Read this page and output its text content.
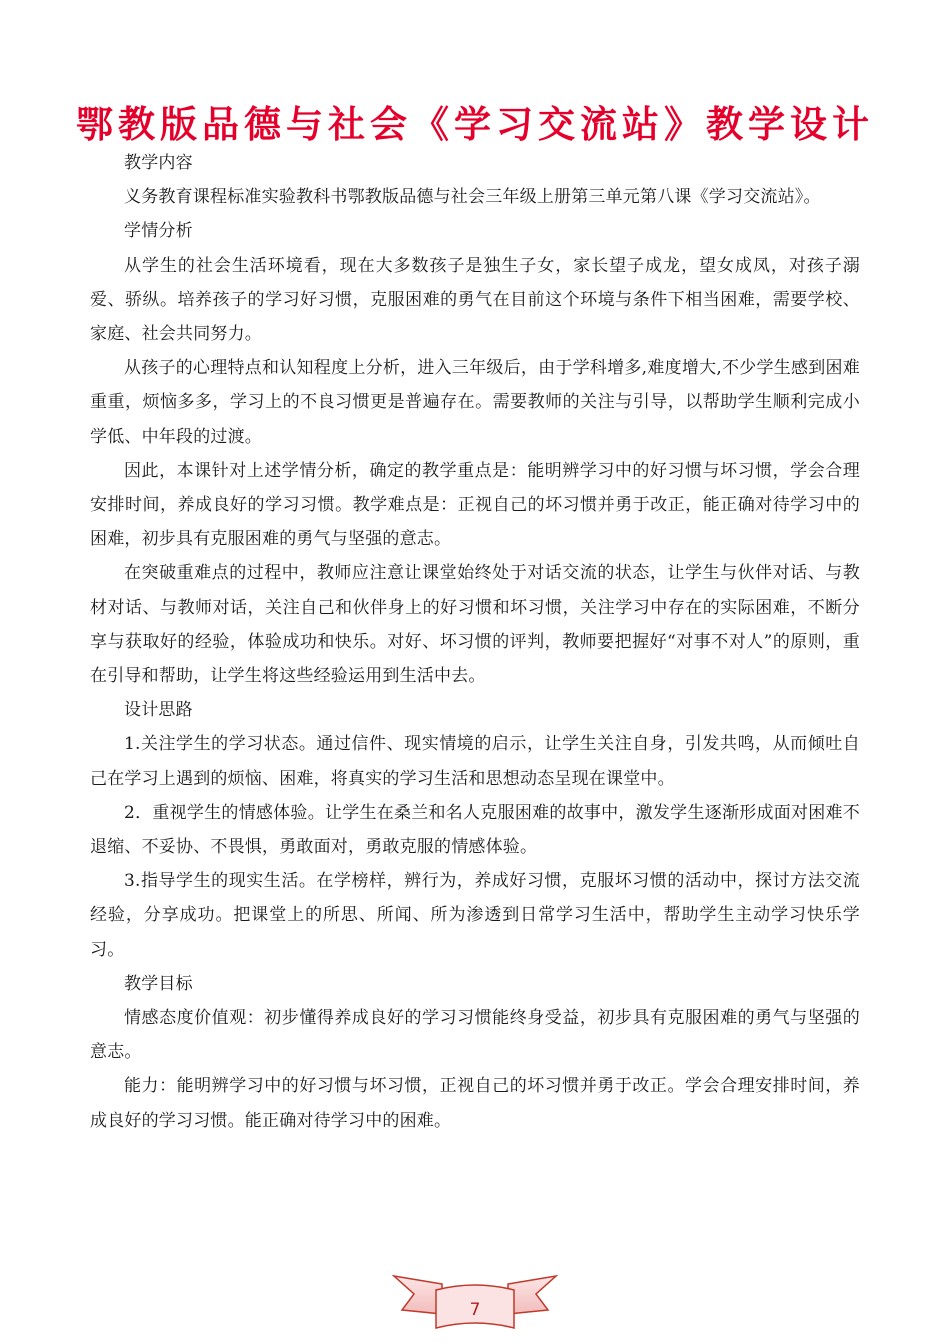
鄂教版品德与社会《学习交流站》教学设计

教学内容

义务教育课程标准实验教科书鄂教版品德与社会三年级上册第三单元第八课《学习交流站》。

学情分析

从学生的社会生活环境看，现在大多数孩子是独生子女，家长望子成龙，望女成凤，对孩子溺爱、骄纵。培养孩子的学习好习惯，克服困难的勇气在目前这个环境与条件下相当困难，需要学校、家庭、社会共同努力。

从孩子的心理特点和认知程度上分析，进入三年级后，由于学科增多,难度增大,不少学生感到困难重重，烦恼多多，学习上的不良习惯更是普遍存在。需要教师的关注与引导，以帮助学生顺利完成小学低、中年段的过渡。

因此，本课针对上述学情分析，确定的教学重点是：能明辨学习中的好习惯与坏习惯，学会合理安排时间，养成良好的学习习惯。教学难点是：正视自己的坏习惯并勇于改正，能正确对待学习中的困难，初步具有克服困难的勇气与坚强的意志。

在突破重难点的过程中，教师应注意让课堂始终处于对话交流的状态，让学生与伙伴对话、与教材对话、与教师对话，关注自己和伙伴身上的好习惯和坏习惯，关注学习中存在的实际困难，不断分享与获取好的经验，体验成功和快乐。对好、坏习惯的评判，教师要把握好“对事不对人”的原则，重在引导和帮助，让学生将这些经验运用到生活中去。

设计思路

1.关注学生的学习状态。通过信件、现实情境的启示，让学生关注自身，引发共鸣，从而倾吐自己在学习上遇到的烦恼、困难，将真实的学习生活和思想动态呈现在课堂中。

2．重视学生的情感体验。让学生在桑兰和名人克服困难的故事中，激发学生逐渐形成面对困难不退缩、不妥协、不畏惧，勇敢面对，勇敢克服的情感体验。

3.指导学生的现实生活。在学榜样，辨行为，养成好习惯，克服坏习惯的活动中，探讨方法交流经验，分享成功。把课堂上的所思、所闻、所为渗透到日常学习生活中，帮助学生主动学习快乐学习。

教学目标

情感态度价值观：初步懂得养成良好的学习习惯能终身受益，初步具有克服困难的勇气与坚强的意志。

能力：能明辨学习中的好习惯与坏习惯，正视自己的坏习惯并勇于改正。学会合理安排时间，养成良好的学习习惯。能正确对待学习中的困难。

7
